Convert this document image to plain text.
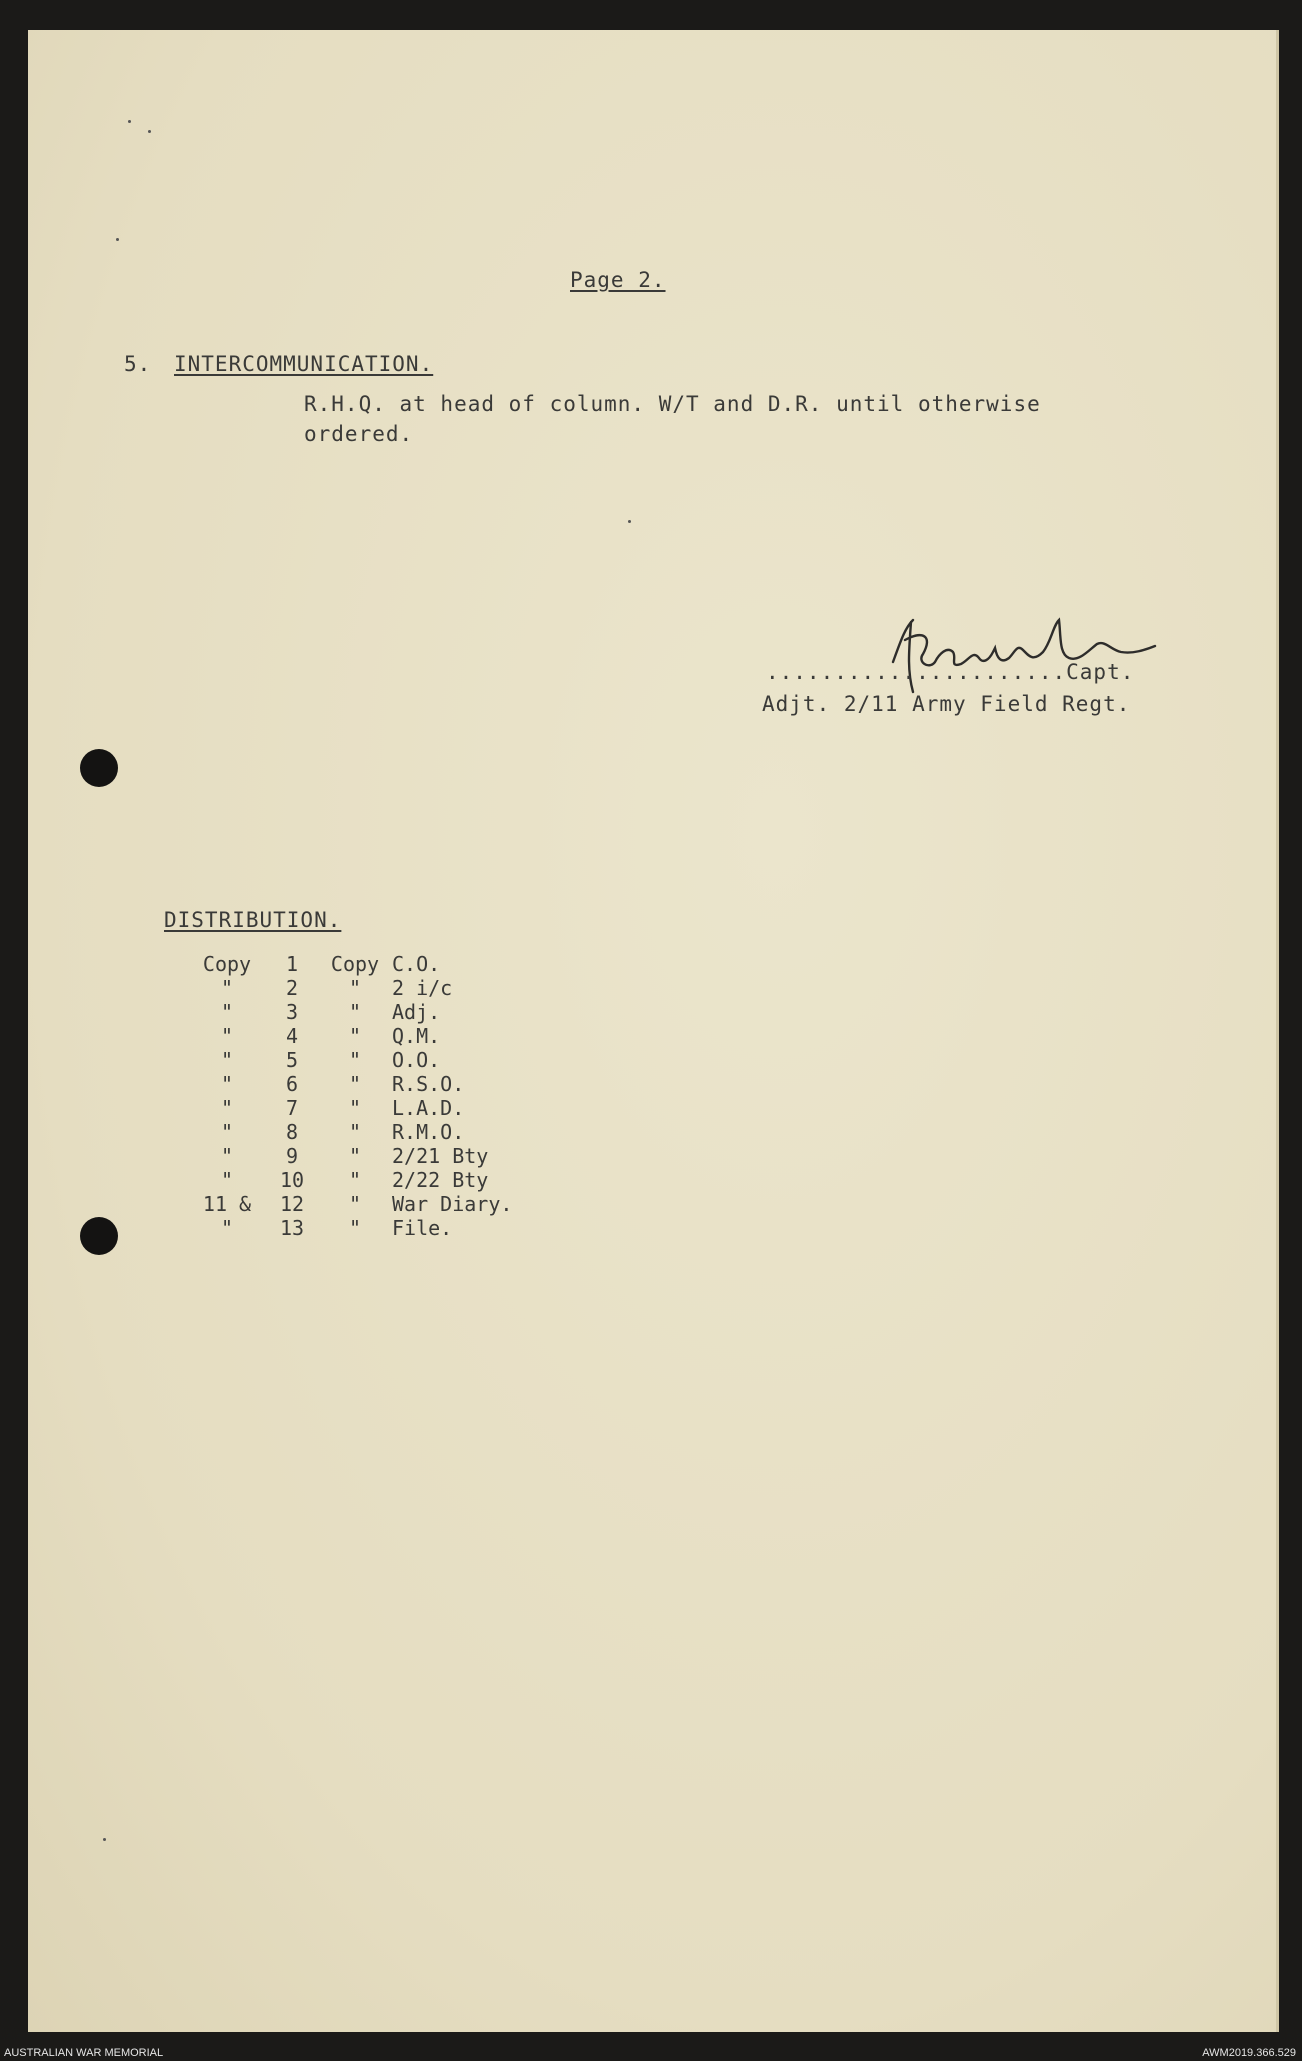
Page 2.
5. INTERCOMMUNICATION.
R.H.Q. at head of column. W/T and D.R. until otherwise
ordered.
......................Capt.
Adjt. 2/11 Army Field Regt.
DISTRIBUTION.
Copy	1	Copy	C.O.
"	2	"	2 i/c
"	3	"	Adj.
"	4	"	Q.M.
"	5	"	O.O.
"	6	"	R.S.O.
"	7	"	L.A.D.
"	8	"	R.M.O.
"	9	"	2/21 Bty
"	10	"	2/22 Bty
11 &	12	"	War Diary.
"	13	"	File.
AUSTRALIAN WAR MEMORIAL	AWM2019.366.529
